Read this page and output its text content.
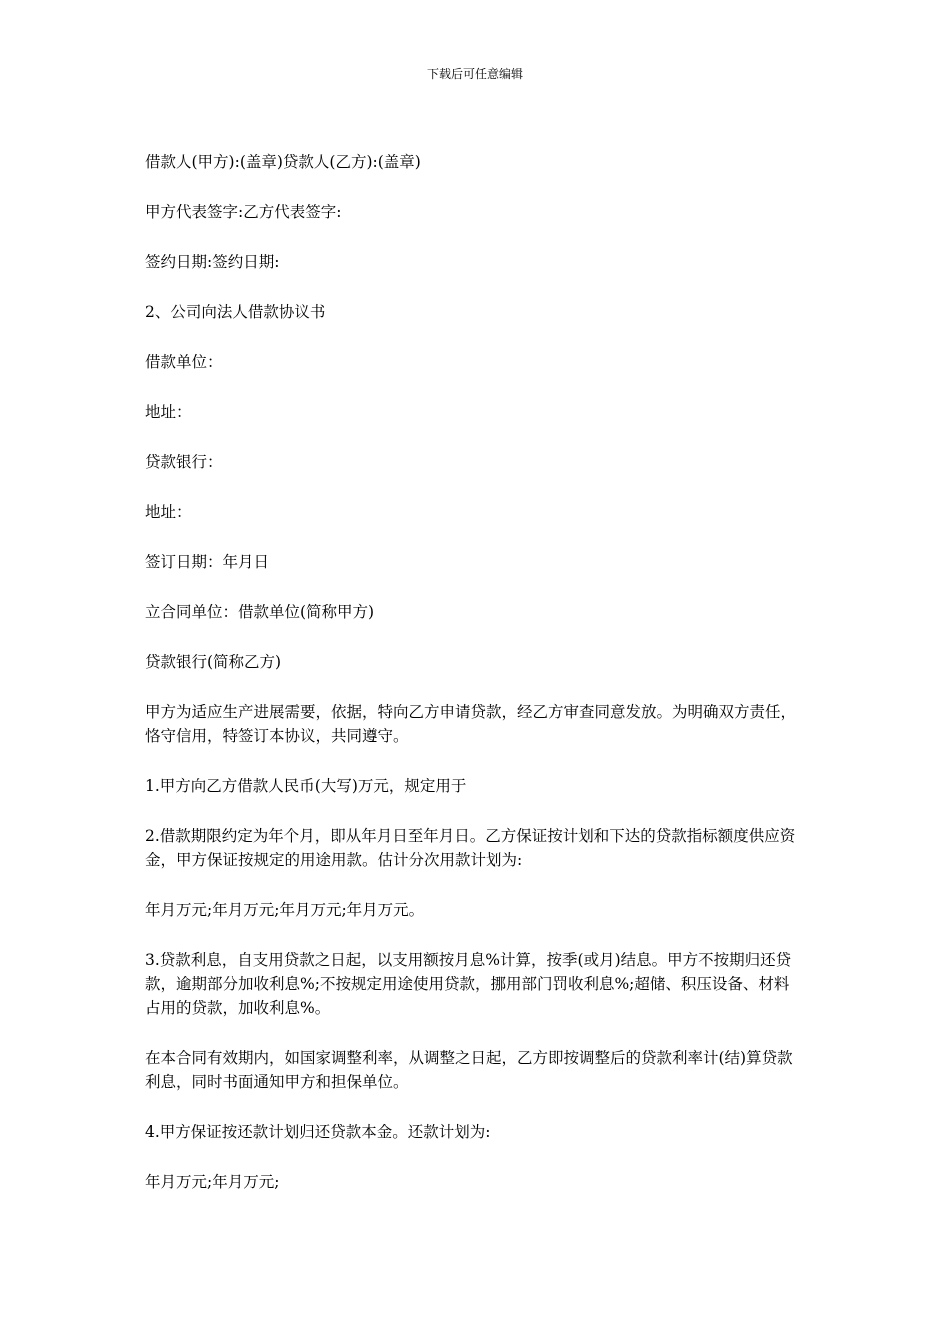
下载后可任意编辑

借款人(甲方):(盖章)贷款人(乙方):(盖章)

甲方代表签字:乙方代表签字:

签约日期:签约日期:

2、公司向法人借款协议书

借款单位：

地址：

贷款银行：

地址：

签订日期：年月日

立合同单位：借款单位(简称甲方)

贷款银行(简称乙方)

甲方为适应生产进展需要，依据，特向乙方申请贷款，经乙方审查同意发放。为明确双方责任，恪守信用，特签订本协议，共同遵守。

1.甲方向乙方借款人民币(大写)万元，规定用于

2.借款期限约定为年个月，即从年月日至年月日。乙方保证按计划和下达的贷款指标额度供应资金，甲方保证按规定的用途用款。估计分次用款计划为:

年月万元;年月万元;年月万元;年月万元。

3.贷款利息，自支用贷款之日起，以支用额按月息%计算，按季(或月)结息。甲方不按期归还贷款，逾期部分加收利息%;不按规定用途使用贷款，挪用部门罚收利息%;超储、积压设备、材料占用的贷款，加收利息%。

在本合同有效期内，如国家调整利率，从调整之日起，乙方即按调整后的贷款利率计(结)算贷款利息，同时书面通知甲方和担保单位。

4.甲方保证按还款计划归还贷款本金。还款计划为:

年月万元;年月万元;
